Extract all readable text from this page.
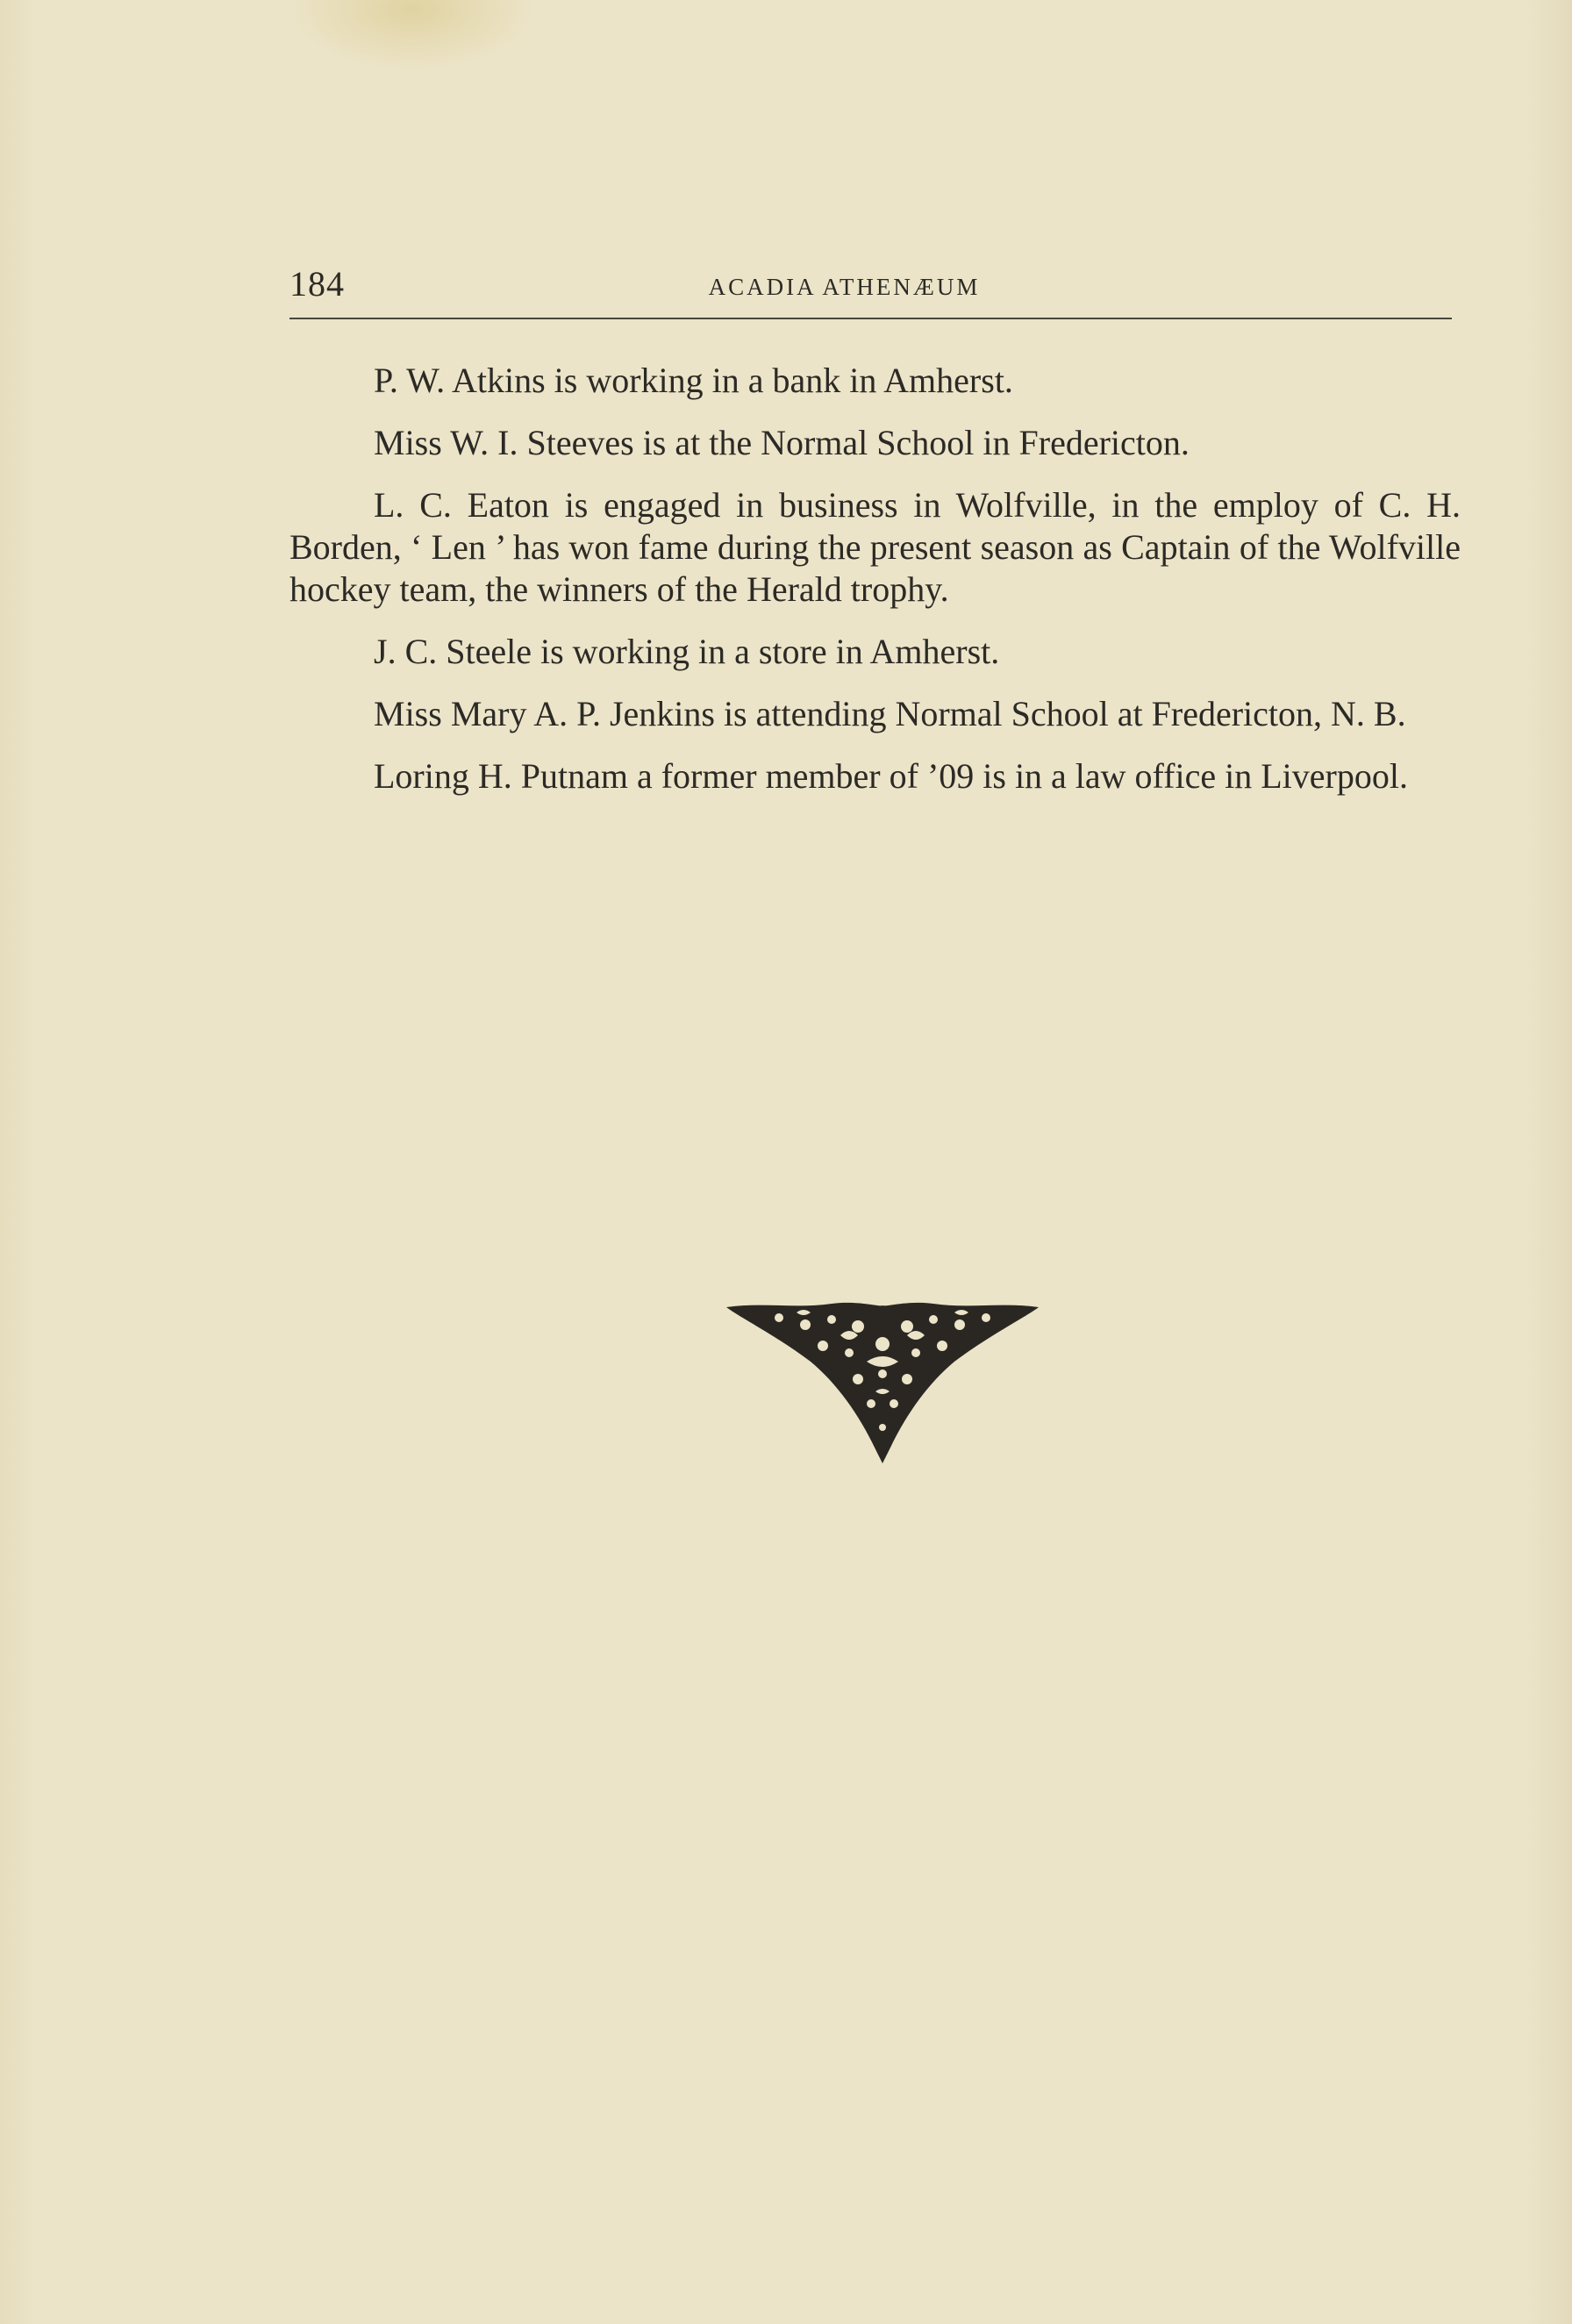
184	ACADIA ATHENÆUM

P. W. Atkins is working in a bank in Amherst.

Miss W. I. Steeves is at the Normal School in Fredericton.

L. C. Eaton is engaged in business in Wolfville, in the employ of C. H. Borden, ‘ Len ’ has won fame during the present season as Captain of the Wolfville hockey team, the winners of the Herald trophy.

J. C. Steele is working in a store in Amherst.

Miss Mary A. P. Jenkins is attending Normal School at Fredericton, N. B.

Loring H. Putnam a former member of ’09 is in a law office in Liverpool.
